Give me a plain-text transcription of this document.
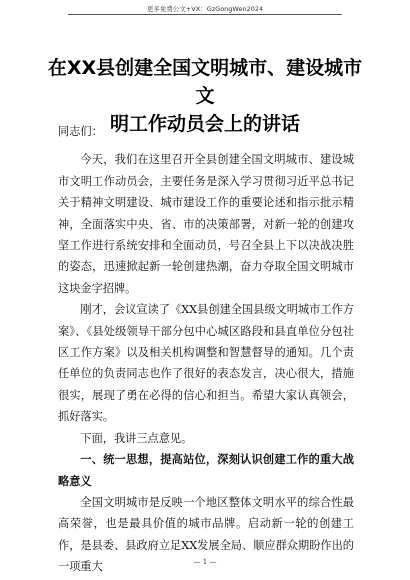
更多免费公文+VX：GzGongWen2024
在XX县创建全国文明城市、建设城市文
明工作动员会上的讲话

同志们：

今天，我们在这里召开全县创建全国文明城市、建设城市文明工作动员会，主要任务是深入学习贯彻习近平总书记关于精神文明建设、城市建设工作的重要论述和指示批示精神，全面落实中央、省、市的决策部署，对新一轮的创建攻坚工作进行系统安排和全面动员，号召全县上下以决战决胜的姿态，迅速掀起新一轮创建热潮，奋力夺取全国文明城市这块金字招牌。

刚才，会议宣读了《XX县创建全国县级文明城市工作方案》、《县处级领导干部分包中心城区路段和县直单位分包社区工作方案》以及相关机构调整和智慧督导的通知。几个责任单位的负责同志也作了很好的表态发言，决心很大，措施很实，展现了勇在必得的信心和担当。希望大家认真领会，抓好落实。

下面，我讲三点意见。

一、统一思想，提高站位，深刻认识创建工作的重大战略意义

全国文明城市是反映一个地区整体文明水平的综合性最高荣誉，也是最具价值的城市品牌。启动新一轮的创建工作，是县委、县政府立足XX发展全局、顺应群众期盼作出的一项重大	— 1 —
